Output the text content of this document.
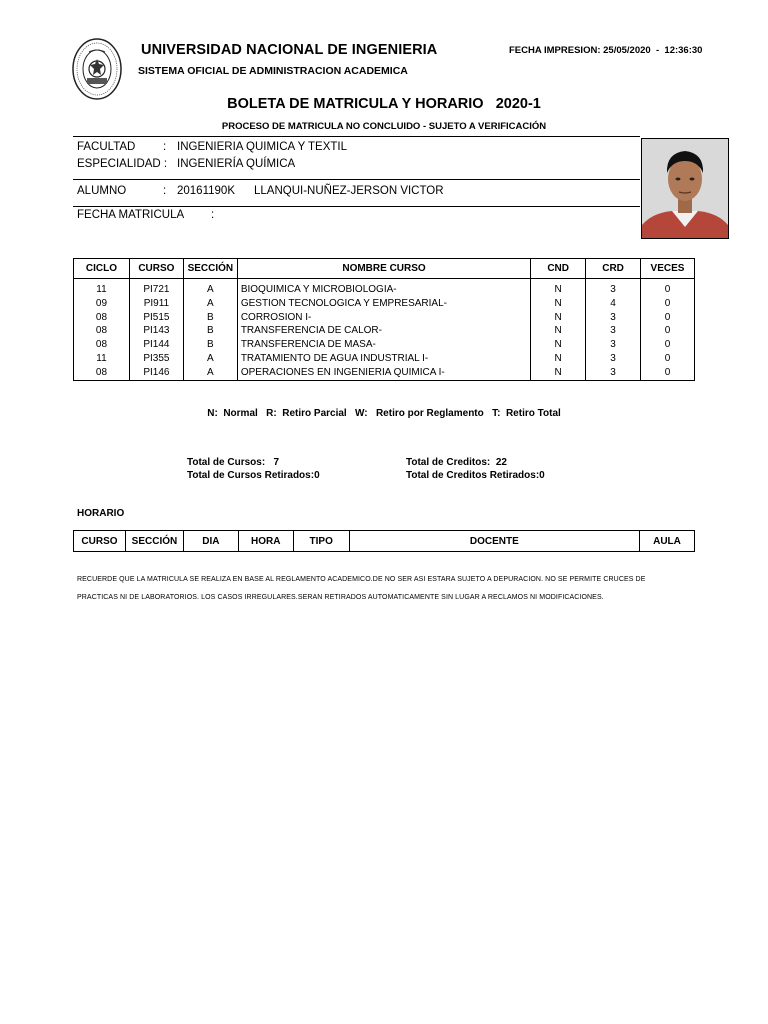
UNIVERSIDAD NACIONAL DE INGENIERIA
SISTEMA OFICIAL DE ADMINISTRACION ACADEMICA
FECHA IMPRESION: 25/05/2020  -  12:36:30
BOLETA DE MATRICULA Y HORARIO 2020-1
PROCESO DE MATRICULA NO CONCLUIDO - SUJETO A VERIFICACIÓN
FACULTAD : INGENIERIA QUIMICA Y TEXTIL
ESPECIALIDAD : INGENIERÍA QUÍMICA
ALUMNO	: 20161190K LLANQUI-NUÑEZ-JERSON VICTOR
FECHA MATRICULA :
CICLO	CURSO	SECCIÓN	NOMBRE CURSO	CND	CRD	VECES

11	PI721	A	BIOQUIMICA Y MICROBIOLOGIA-	N	3	0
09	PI911	A	GESTION TECNOLOGICA Y EMPRESARIAL-	N	4	0
08	PI515	B	CORROSION I-	N	3	0
08	PI143	B	TRANSFERENCIA DE CALOR-	N	3	0
08	PI144	B	TRANSFERENCIA DE MASA-	N	3	0
11	PI355	A	TRATAMIENTO DE AGUA INDUSTRIAL I-	N	3	0
08	PI146	A	OPERACIONES EN INGENIERIA QUIMICA I-	N	3	0
N:  Normal   R:  Retiro Parcial   W:   Retiro por Reglamento   T:  Retiro Total
Total de Cursos: 7
Total de Cursos Retirados:0
Total de Creditos: 22
Total de Creditos Retirados:0
HORARIO
CURSO	SECCIÓN	DIA	HORA	TIPO	DOCENTE	AULA
RECUERDE QUE LA MATRICULA SE REALIZA EN BASE AL REGLAMENTO ACADEMICO.DE NO SER ASI ESTARA SUJETO A DEPURACION. NO SE PERMITE CRUCES DE
PRACTICAS NI DE LABORATORIOS. LOS CASOS IRREGULARES.SERAN RETIRADOS AUTOMATICAMENTE SIN LUGAR A RECLAMOS NI MODIFICACIONES.
